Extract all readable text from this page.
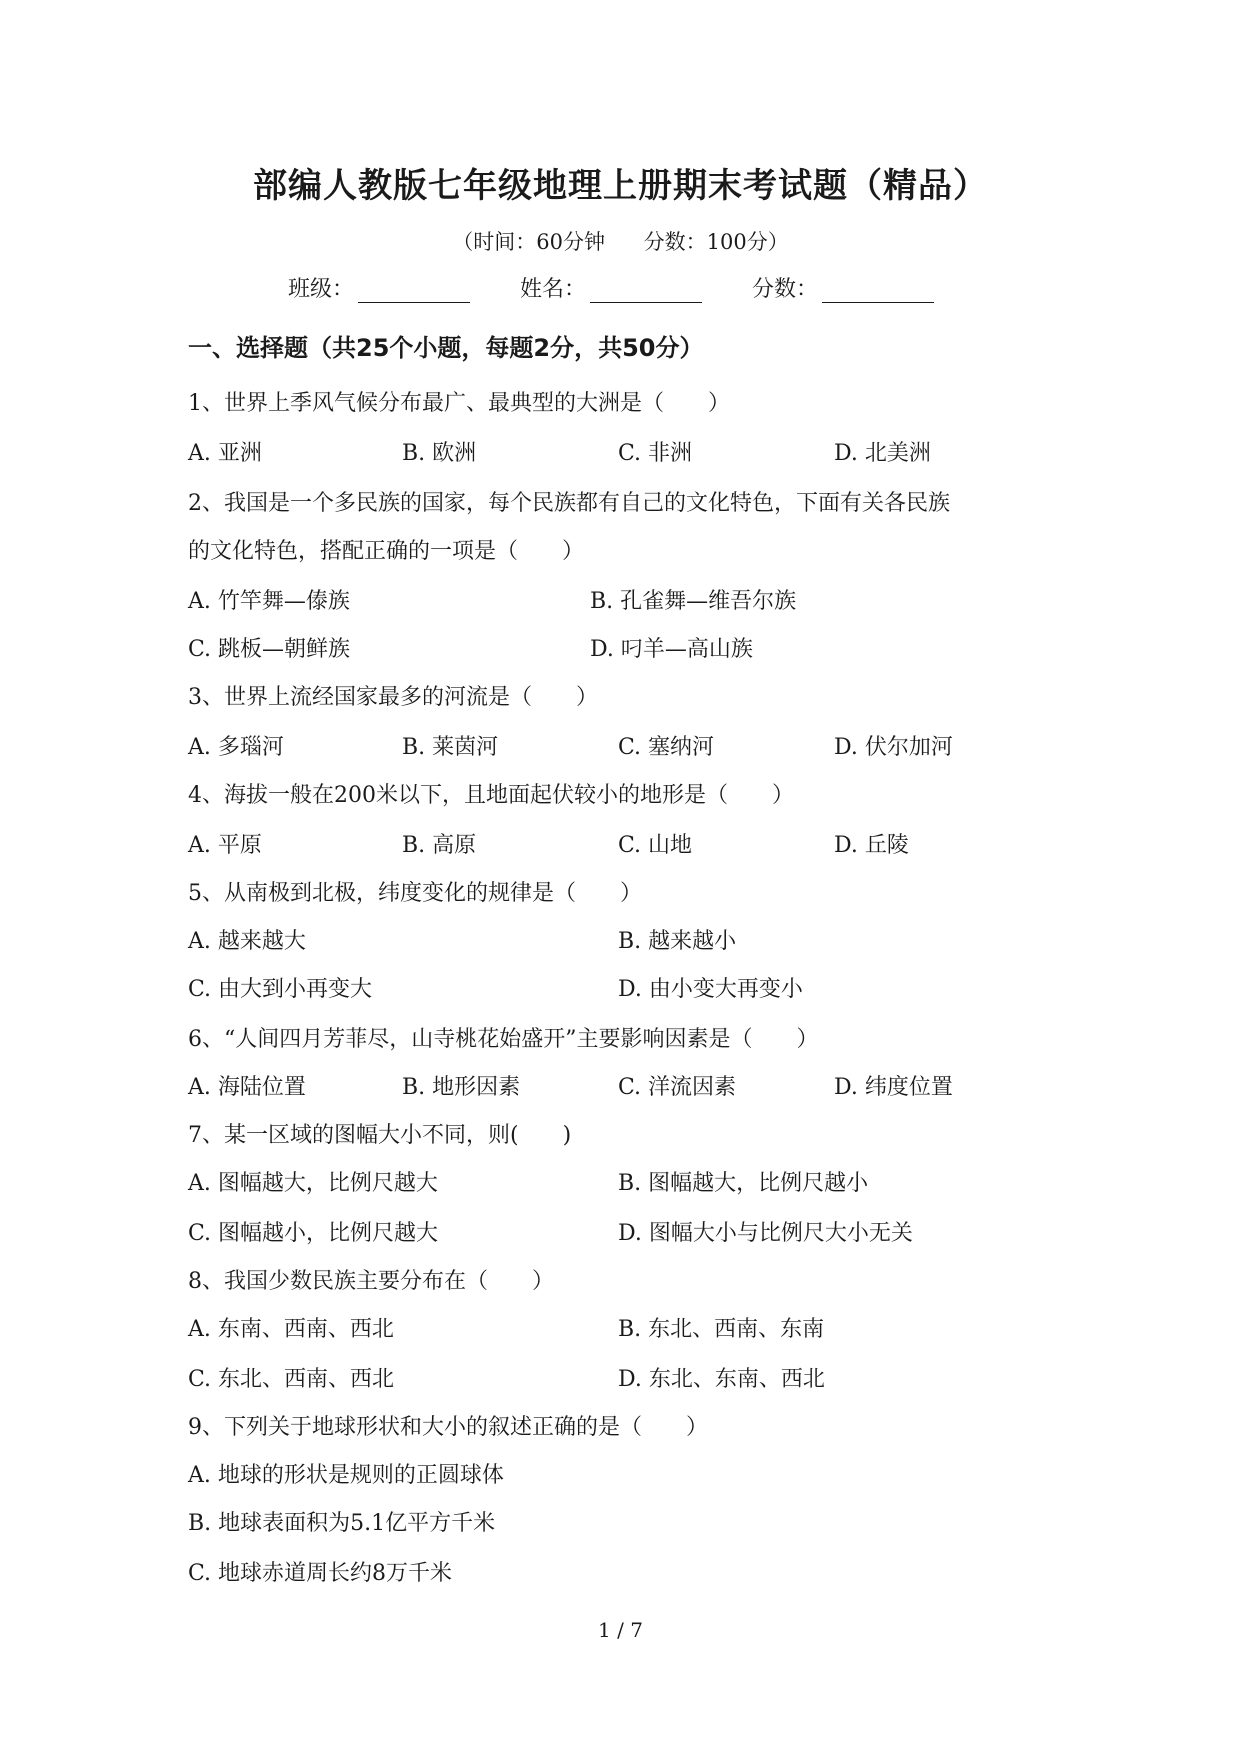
部编人教版七年级地理上册期末考试题（精品）
（时间：60分钟 分数：100分）
班级：	姓名：	分数：
一、选择题（共25个小题，每题2分，共50分）
1、世界上季风气候分布最广、最典型的大洲是（　　）
A. 亚洲	B. 欧洲	C. 非洲	D. 北美洲
2、我国是一个多民族的国家，每个民族都有自己的文化特色，下面有关各民族
的文化特色，搭配正确的一项是（　　）
A. 竹竿舞—傣族	B. 孔雀舞—维吾尔族
C. 跳板—朝鲜族	D. 叼羊—高山族
3、世界上流经国家最多的河流是（　　）
A. 多瑙河	B. 莱茵河	C. 塞纳河	D. 伏尔加河
4、海拔一般在200米以下，且地面起伏较小的地形是（　　）
A. 平原	B. 高原	C. 山地	D. 丘陵
5、从南极到北极，纬度变化的规律是（　　）
A. 越来越大	B. 越来越小
C. 由大到小再变大	D. 由小变大再变小
6、“人间四月芳菲尽，山寺桃花始盛开”主要影响因素是（　　）
A. 海陆位置	B. 地形因素	C. 洋流因素	D. 纬度位置
7、某一区域的图幅大小不同，则(　　)
A. 图幅越大，比例尺越大	B. 图幅越大，比例尺越小
C. 图幅越小，比例尺越大	D. 图幅大小与比例尺大小无关
8、我国少数民族主要分布在（　　）
A. 东南、西南、西北	B. 东北、西南、东南
C. 东北、西南、西北	D. 东北、东南、西北
9、下列关于地球形状和大小的叙述正确的是（　　）
A. 地球的形状是规则的正圆球体
B. 地球表面积为5.1亿平方千米
C. 地球赤道周长约8万千米
1 / 7
